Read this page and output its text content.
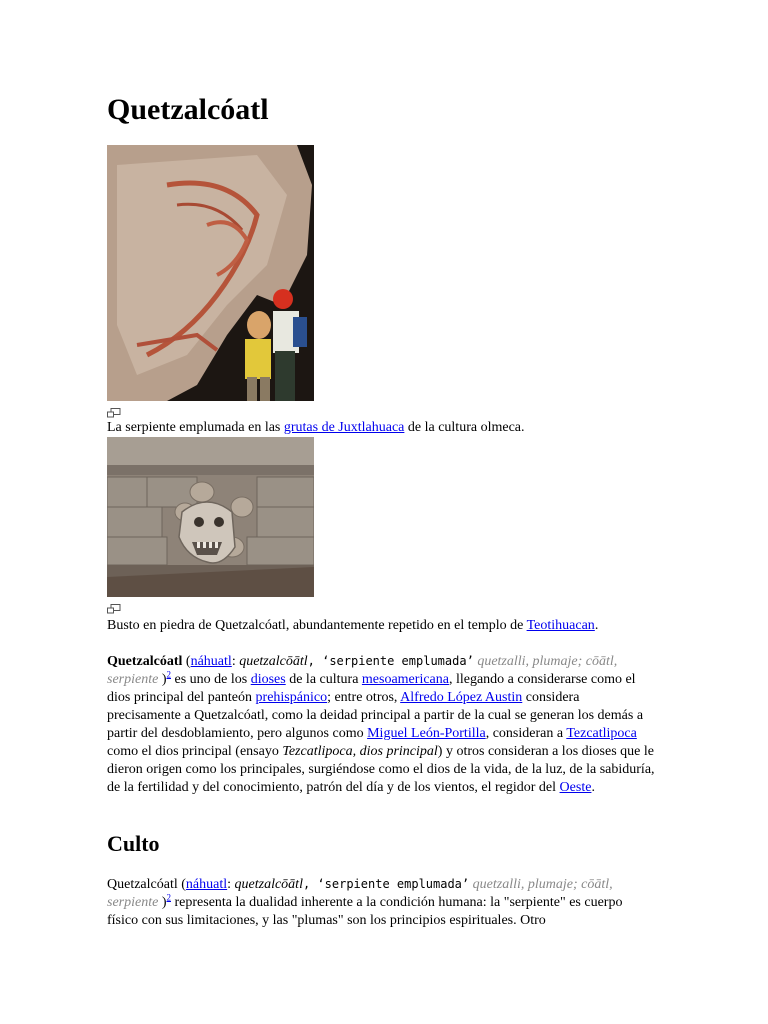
Quetzalcóatl

La serpiente emplumada en las grutas de Juxtlahuaca de la cultura olmeca.

Busto en piedra de Quetzalcóatl, abundantemente repetido en el templo de Teotihuacan.

Quetzalcóatl (náhuatl: quetzalcōātl, ‘serpiente emplumada’ quetzalli, plumaje; cōātl, serpiente )$^2$ es uno de los dioses de la cultura mesoamericana, llegando a considerarse como el dios principal del panteón prehispánico; entre otros, Alfredo López Austin considera precisamente a Quetzalcóatl, como la deidad principal a partir de la cual se generan los demás a partir del desdoblamiento, pero algunos como Miguel León-Portilla, consideran a Tezcatlipoca como el dios principal (ensayo Tezcatlipoca, dios principal) y otros consideran a los dioses que le dieron origen como los principales, surgiéndose como el dios de la vida, de la luz, de la sabiduría, de la fertilidad y del conocimiento, patrón del día y de los vientos, el regidor del Oeste.

Culto

Quetzalcóatl (náhuatl: quetzalcōātl, ‘serpiente emplumada’ quetzalli, plumaje; cōātl, serpiente )$^2$ representa la dualidad inherente a la condición humana: la "serpiente" es cuerpo físico con sus limitaciones, y las "plumas" son los principios espirituales. Otro
